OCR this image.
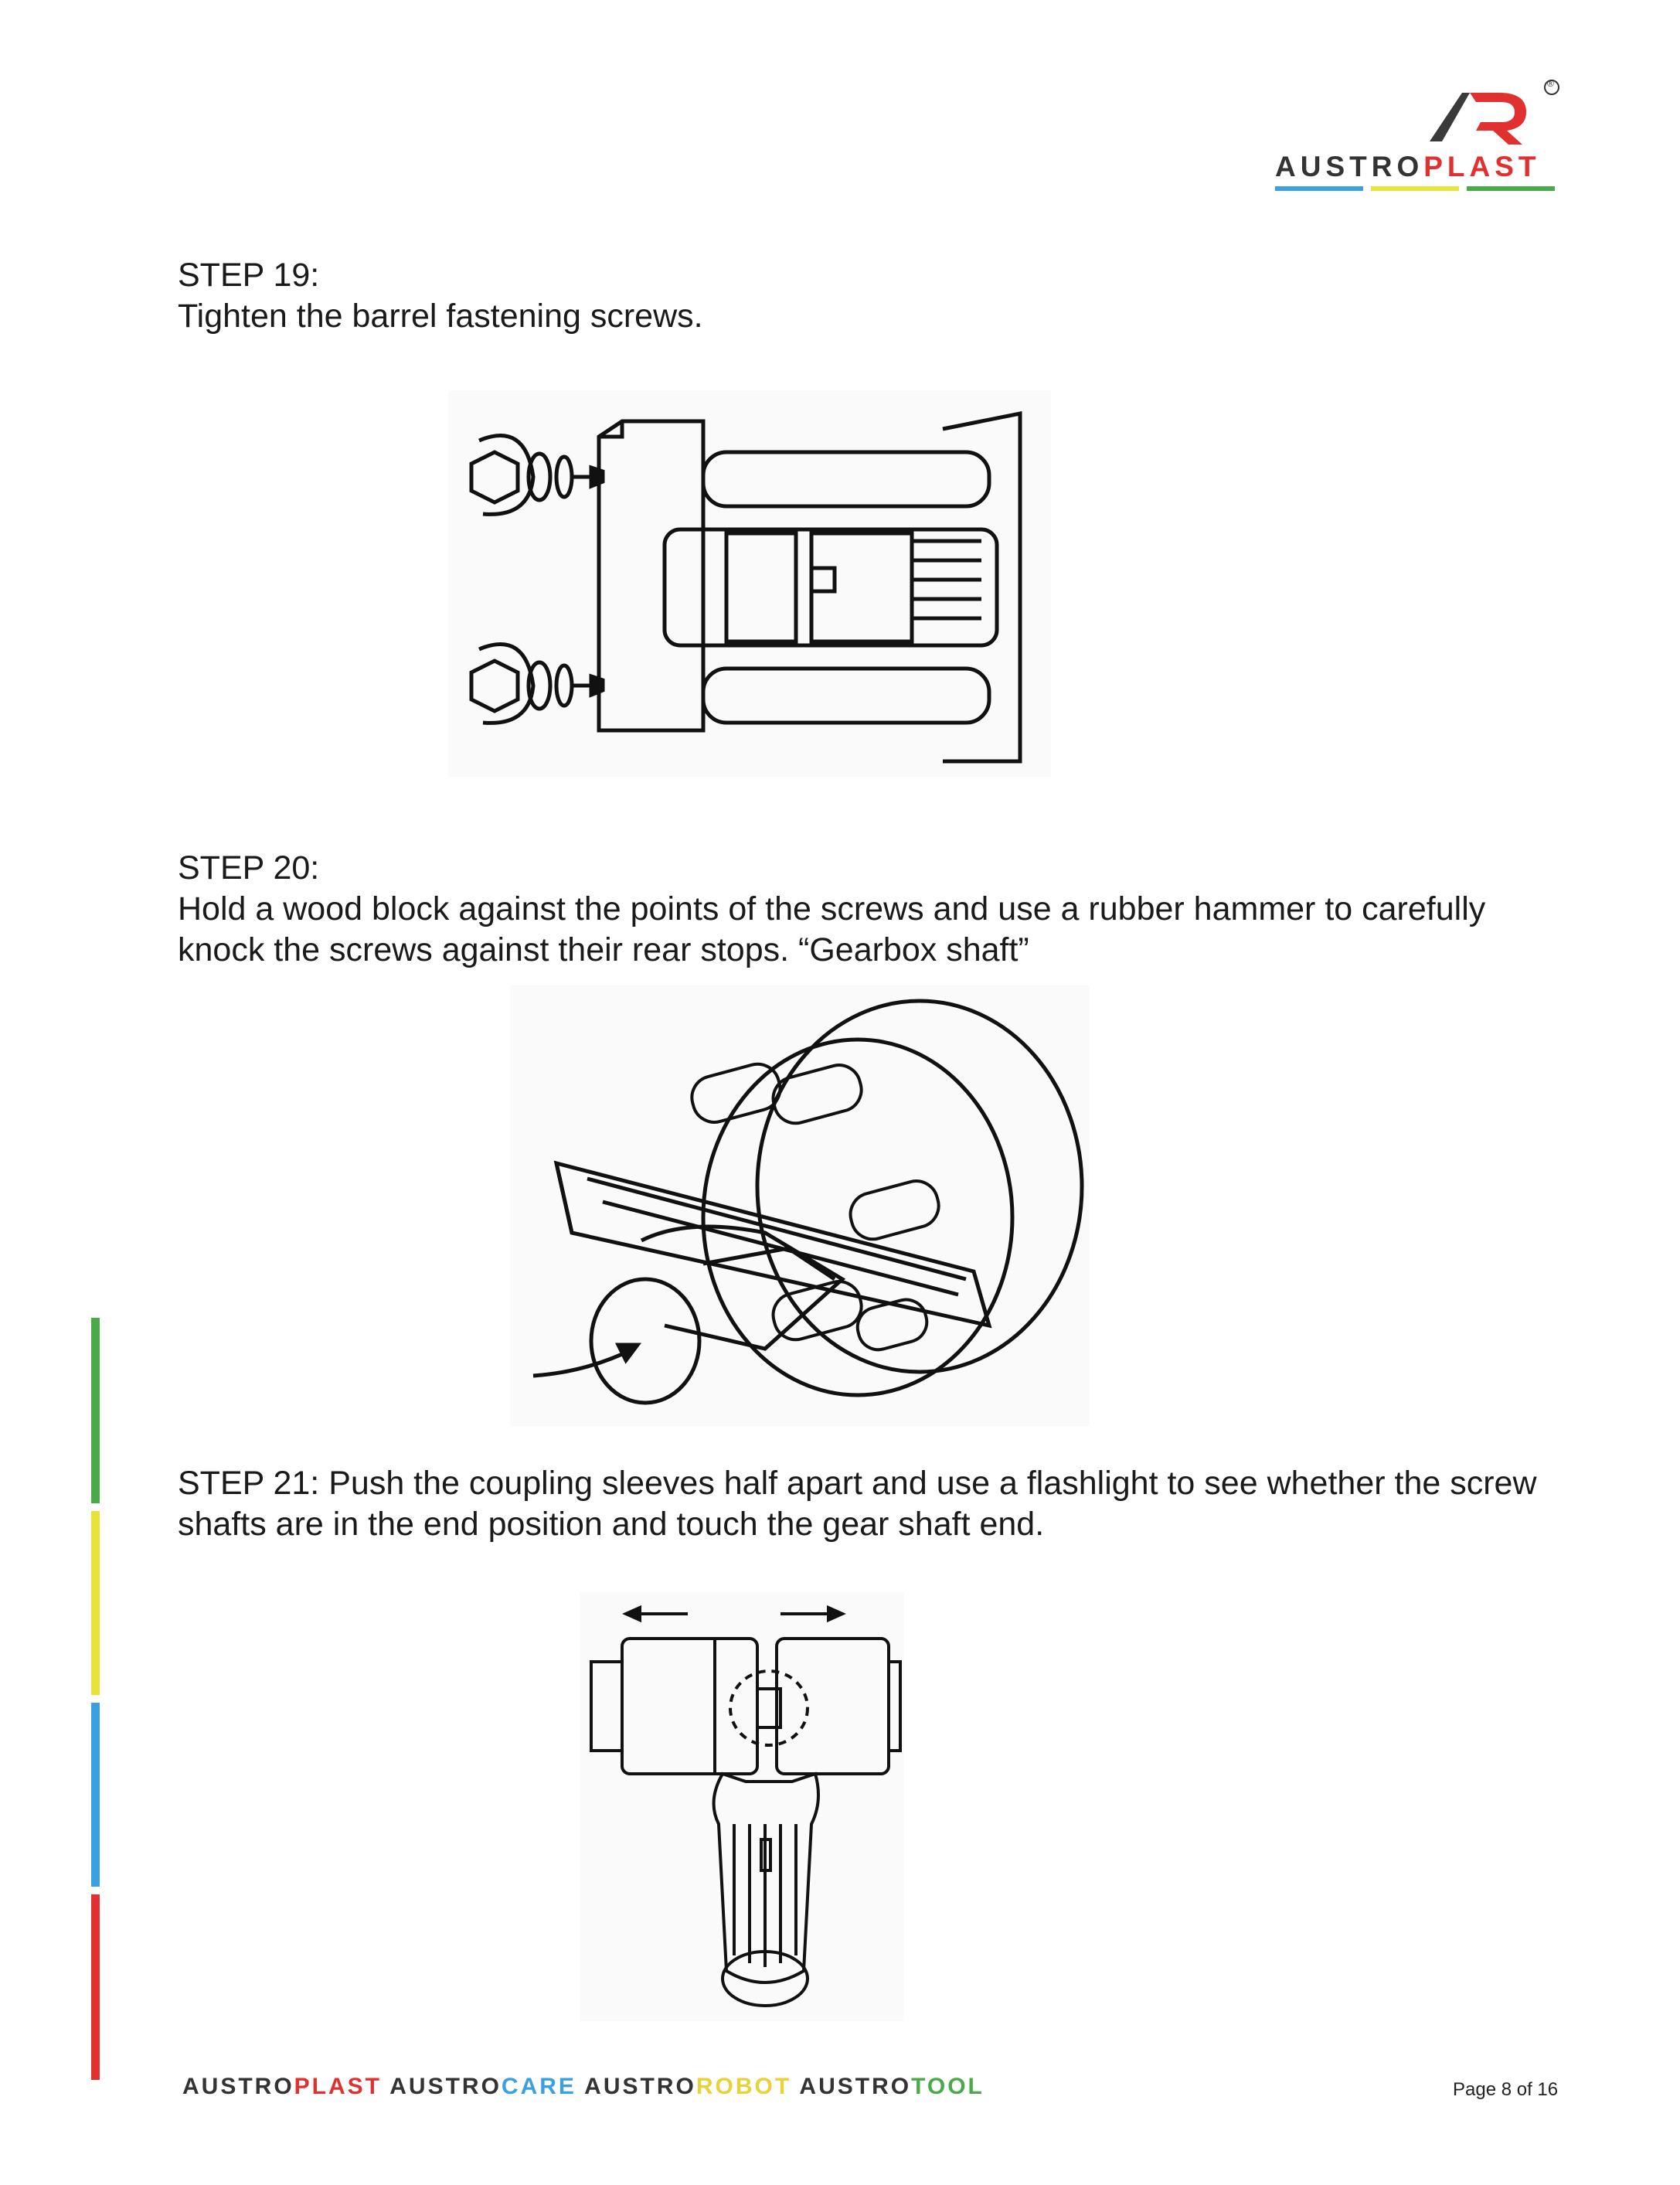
®
AUSTROPLAST
STEP 19:
Tighten the barrel fastening screws.
STEP 20:
Hold a wood block against the points of the screws and use a rubber hammer to carefully knock the screws against their rear stops. “Gearbox shaft”
STEP 21: Push the coupling sleeves half apart and use a flashlight to see whether the screw shafts are in the end position and touch the gear shaft end.
AUSTROPLAST AUSTROCARE AUSTROROBOT AUSTROTOOL	Page 8 of 16
